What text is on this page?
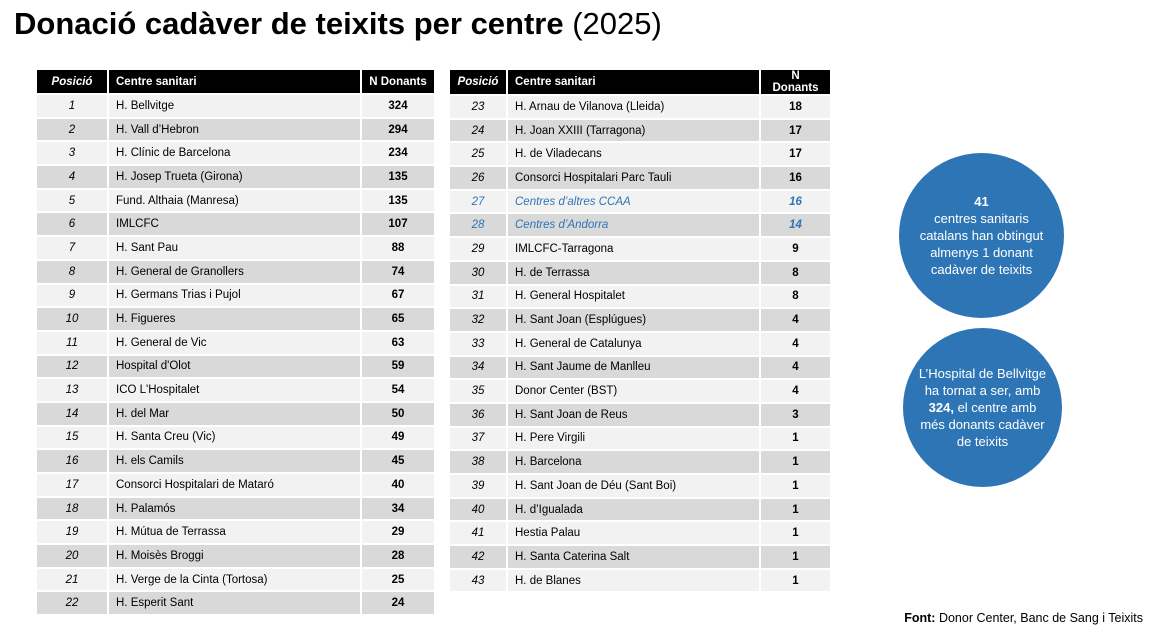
Donació cadàver de teixits per centre (2025)
Posició	Centre sanitari	N Donants
1	H. Bellvitge	324
2	H. Vall d’Hebron	294
3	H. Clínic de Barcelona	234
4	H. Josep Trueta (Girona)	135
5	Fund. Althaia (Manresa)	135
6	IMLCFC	107
7	H. Sant Pau	88
8	H. General de Granollers	74
9	H. Germans Trias i Pujol	67
10	H. Figueres	65
11	H. General de Vic	63
12	Hospital d'Olot	59
13	ICO L'Hospitalet	54
14	H. del Mar	50
15	H. Santa Creu (Vic)	49
16	H. els Camils	45
17	Consorci Hospitalari de Mataró	40
18	H. Palamós	34
19	H. Mútua de Terrassa	29
20	H. Moisès Broggi	28
21	H. Verge de la Cinta (Tortosa)	25
22	H. Esperit Sant	24
Posició	Centre sanitari	N Donants
23	H. Arnau de Vilanova (Lleida)	18
24	H. Joan XXIII (Tarragona)	17
25	H. de Viladecans	17
26	Consorci Hospitalari Parc Tauli	16
27	Centres d’altres CCAA	16
28	Centres d’Andorra	14
29	IMLCFC-Tarragona	9
30	H. de Terrassa	8
31	H. General Hospitalet	8
32	H. Sant Joan (Esplúgues)	4
33	H. General de Catalunya	4
34	H. Sant Jaume de Manlleu	4
35	Donor Center (BST)	4
36	H. Sant Joan de Reus	3
37	H. Pere Virgili	1
38	H. Barcelona	1
39	H. Sant Joan de Déu (Sant Boi)	1
40	H. d’Igualada	1
41	Hestia Palau	1
42	H. Santa Caterina Salt	1
43	H. de Blanes	1
41
centres sanitaris catalans han obtingut almenys 1 donant cadàver de teixits
L’Hospital de Bellvitge ha tornat a ser, amb 324, el centre amb més donants cadàver de teixits
Font: Donor Center, Banc de Sang i Teixits
